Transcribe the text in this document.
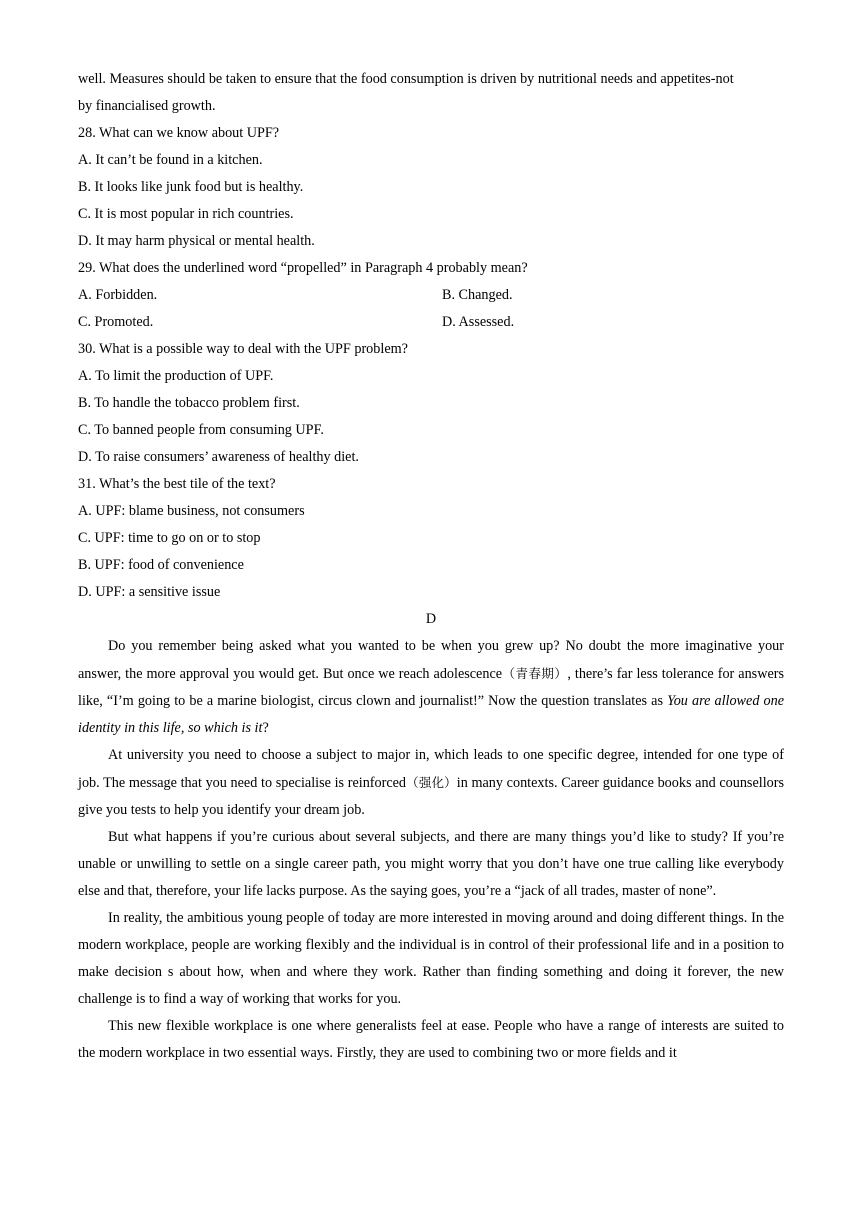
well. Measures should be taken to ensure that the food consumption is driven by nutritional needs and appetites-not
by financialised growth.
28. What can we know about UPF?
A. It can’t be found in a kitchen.
B. It looks like junk food but is healthy.
C. It is most popular in rich countries.
D. It may harm physical or mental health.
29. What does the underlined word “propelled” in Paragraph 4 probably mean?
A. Forbidden.	B. Changed.
C. Promoted.	D. Assessed.
30. What is a possible way to deal with the UPF problem?
A. To limit the production of UPF.
B. To handle the tobacco problem first.
C. To banned people from consuming UPF.
D. To raise consumers’ awareness of healthy diet.
31. What’s the best tile of the text?
A. UPF: blame business, not consumers
C. UPF: time to go on or to stop
B. UPF: food of convenience
D. UPF: a sensitive issue
D

Do you remember being asked what you wanted to be when you grew up? No doubt the more imaginative your answer, the more approval you would get. But once we reach adolescence（青春期）, there’s far less tolerance for answers like, “I’m going to be a marine biologist, circus clown and journalist!” Now the question translates as You are allowed one identity in this life, so which is it?

At university you need to choose a subject to major in, which leads to one specific degree, intended for one type of job. The message that you need to specialise is reinforced（强化）in many contexts. Career guidance books and counsellors give you tests to help you identify your dream job.

But what happens if you’re curious about several subjects, and there are many things you’d like to study? If you’re unable or unwilling to settle on a single career path, you might worry that you don’t have one true calling like everybody else and that, therefore, your life lacks purpose. As the saying goes, you’re a “jack of all trades, master of none”.

In reality, the ambitious young people of today are more interested in moving around and doing different things. In the modern workplace, people are working flexibly and the individual is in control of their professional life and in a position to make decision s about how, when and where they work. Rather than finding something and doing it forever, the new challenge is to find a way of working that works for you.

This new flexible workplace is one where generalists feel at ease. People who have a range of interests are suited to the modern workplace in two essential ways. Firstly, they are used to combining two or more fields and it
